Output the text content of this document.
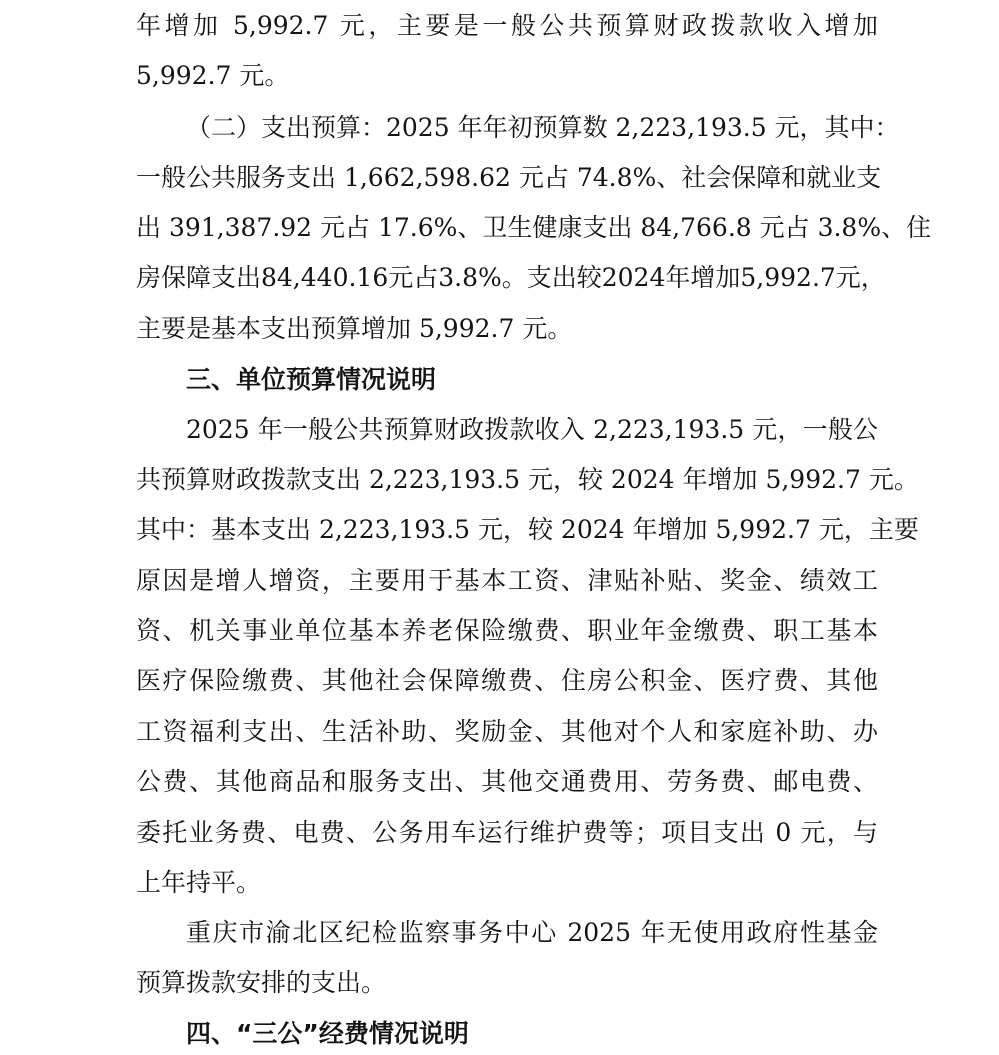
年增加 5,992.7 元，主要是一般公共预算财政拨款收入增加
5,992.7 元。
（二）支出预算：2025 年年初预算数 2,223,193.5 元，其中：
一般公共服务支出 1,662,598.62 元占 74.8%、社会保障和就业支
出 391,387.92 元占 17.6%、卫生健康支出 84,766.8 元占 3.8%、住
房保障支出84,440.16元占3.8%。支出较2024年增加5,992.7元，
主要是基本支出预算增加 5,992.7 元。
三、单位预算情况说明
2025 年一般公共预算财政拨款收入 2,223,193.5 元，一般公
共预算财政拨款支出 2,223,193.5 元，较 2024 年增加 5,992.7 元。
其中：基本支出 2,223,193.5 元，较 2024 年增加 5,992.7 元，主要
原因是增人增资，主要用于基本工资、津贴补贴、奖金、绩效工
资、机关事业单位基本养老保险缴费、职业年金缴费、职工基本
医疗保险缴费、其他社会保障缴费、住房公积金、医疗费、其他
工资福利支出、生活补助、奖励金、其他对个人和家庭补助、办
公费、其他商品和服务支出、其他交通费用、劳务费、邮电费、
委托业务费、电费、公务用车运行维护费等；项目支出 0 元，与
上年持平。
重庆市渝北区纪检监察事务中心 2025 年无使用政府性基金
预算拨款安排的支出。
四、“三公”经费情况说明
